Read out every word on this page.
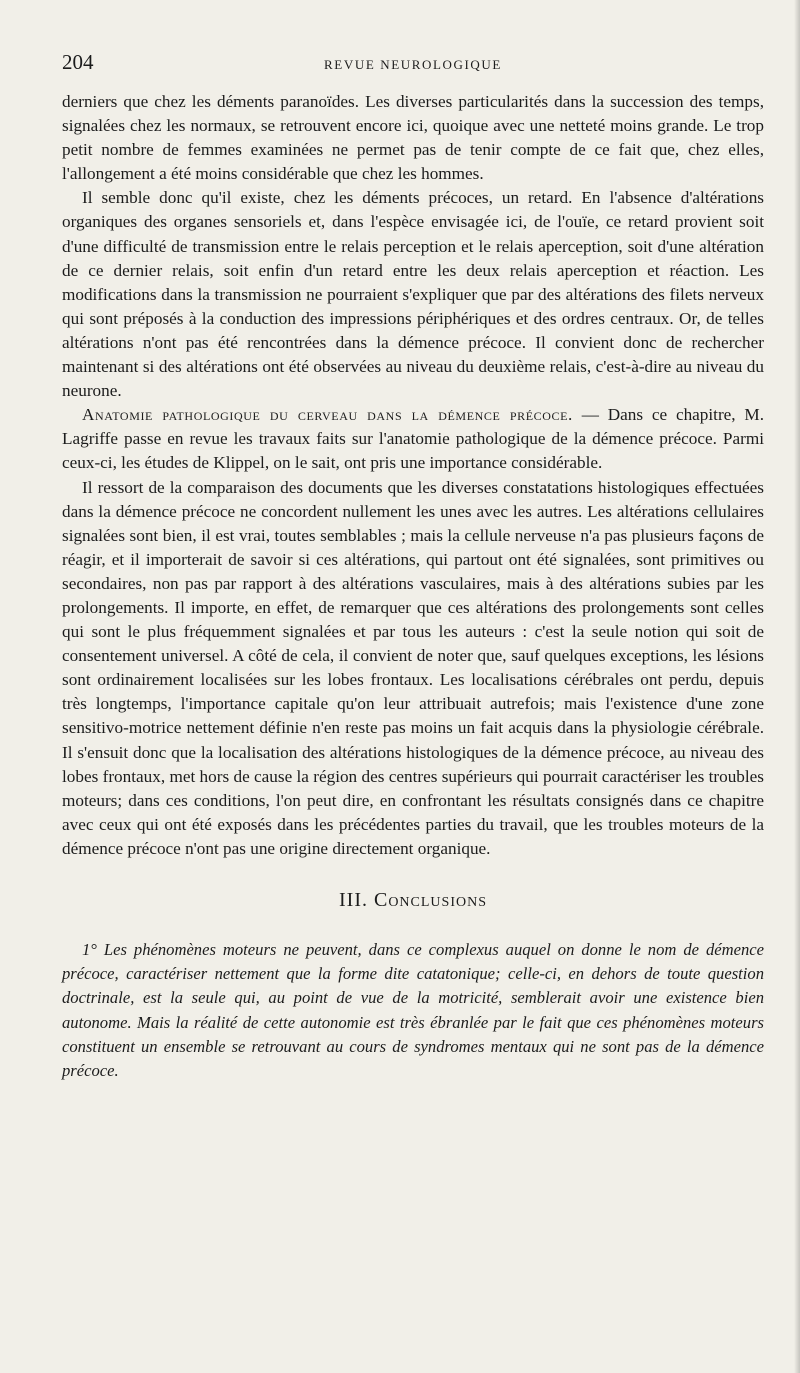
204	REVUE NEUROLOGIQUE

derniers que chez les déments paranoïdes. Les diverses particularités dans la succession des temps, signalées chez les normaux, se retrouvent encore ici, quoique avec une netteté moins grande. Le trop petit nombre de femmes examinées ne permet pas de tenir compte de ce fait que, chez elles, l'allongement a été moins considérable que chez les hommes.

Il semble donc qu'il existe, chez les déments précoces, un retard. En l'absence d'altérations organiques des organes sensoriels et, dans l'espèce envisagée ici, de l'ouïe, ce retard provient soit d'une difficulté de transmission entre le relais perception et le relais aperception, soit d'une altération de ce dernier relais, soit enfin d'un retard entre les deux relais aperception et réaction. Les modifications dans la transmission ne pourraient s'expliquer que par des altérations des filets nerveux qui sont préposés à la conduction des impressions périphériques et des ordres centraux. Or, de telles altérations n'ont pas été rencontrées dans la démence précoce. Il convient donc de rechercher maintenant si des altérations ont été observées au niveau du deuxième relais, c'est-à-dire au niveau du neurone.

Anatomie pathologique du cerveau dans la démence précoce. — Dans ce chapitre, M. Lagriffe passe en revue les travaux faits sur l'anatomie pathologique de la démence précoce. Parmi ceux-ci, les études de Klippel, on le sait, ont pris une importance considérable.

Il ressort de la comparaison des documents que les diverses constatations histologiques effectuées dans la démence précoce ne concordent nullement les unes avec les autres. Les altérations cellulaires signalées sont bien, il est vrai, toutes semblables ; mais la cellule nerveuse n'a pas plusieurs façons de réagir, et il importerait de savoir si ces altérations, qui partout ont été signalées, sont primitives ou secondaires, non pas par rapport à des altérations vasculaires, mais à des altérations subies par les prolongements. Il importe, en effet, de remarquer que ces altérations des prolongements sont celles qui sont le plus fréquemment signalées et par tous les auteurs : c'est la seule notion qui soit de consentement universel. A côté de cela, il convient de noter que, sauf quelques exceptions, les lésions sont ordinairement localisées sur les lobes frontaux. Les localisations cérébrales ont perdu, depuis très longtemps, l'importance capitale qu'on leur attribuait autrefois; mais l'existence d'une zone sensitivo-motrice nettement définie n'en reste pas moins un fait acquis dans la physiologie cérébrale. Il s'ensuit donc que la localisation des altérations histologiques de la démence précoce, au niveau des lobes frontaux, met hors de cause la région des centres supérieurs qui pourrait caractériser les troubles moteurs; dans ces conditions, l'on peut dire, en confrontant les résultats consignés dans ce chapitre avec ceux qui ont été exposés dans les précédentes parties du travail, que les troubles moteurs de la démence précoce n'ont pas une origine directement organique.

III. Conclusions

1° Les phénomènes moteurs ne peuvent, dans ce complexus auquel on donne le nom de démence précoce, caractériser nettement que la forme dite catatonique; celle-ci, en dehors de toute question doctrinale, est la seule qui, au point de vue de la motricité, semblerait avoir une existence bien autonome. Mais la réalité de cette autonomie est très ébranlée par le fait que ces phénomènes moteurs constituent un ensemble se retrouvant au cours de syndromes mentaux qui ne sont pas de la démence précoce.
